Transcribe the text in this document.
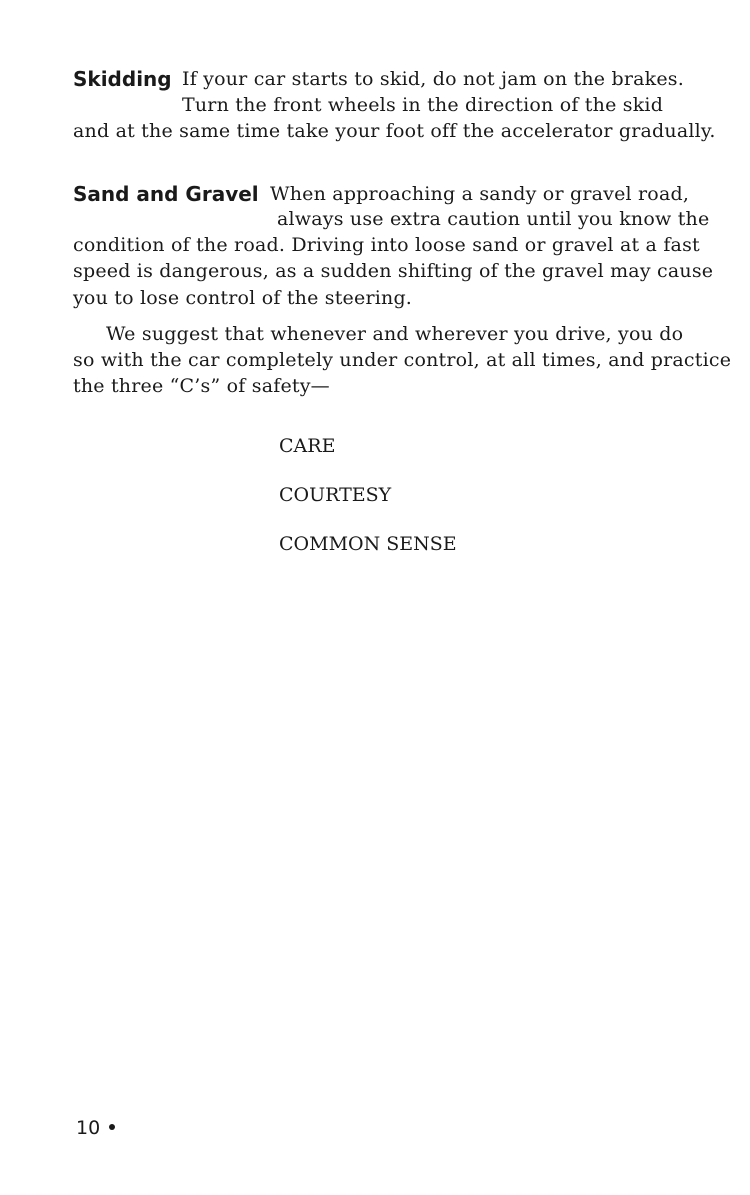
Skidding If your car starts to skid, do not jam on the brakes.
Turn the front wheels in the direction of the skid
and at the same time take your foot off the accelerator gradually.
Sand and Gravel When approaching a sandy or gravel road,
always use extra caution until you know the
condition of the road. Driving into loose sand or gravel at a fast
speed is dangerous, as a sudden shifting of the gravel may cause
you to lose control of the steering.
We suggest that whenever and wherever you drive, you do
so with the car completely under control, at all times, and practice
the three “C’s” of safety—
CARE
COURTESY
COMMON SENSE
10
